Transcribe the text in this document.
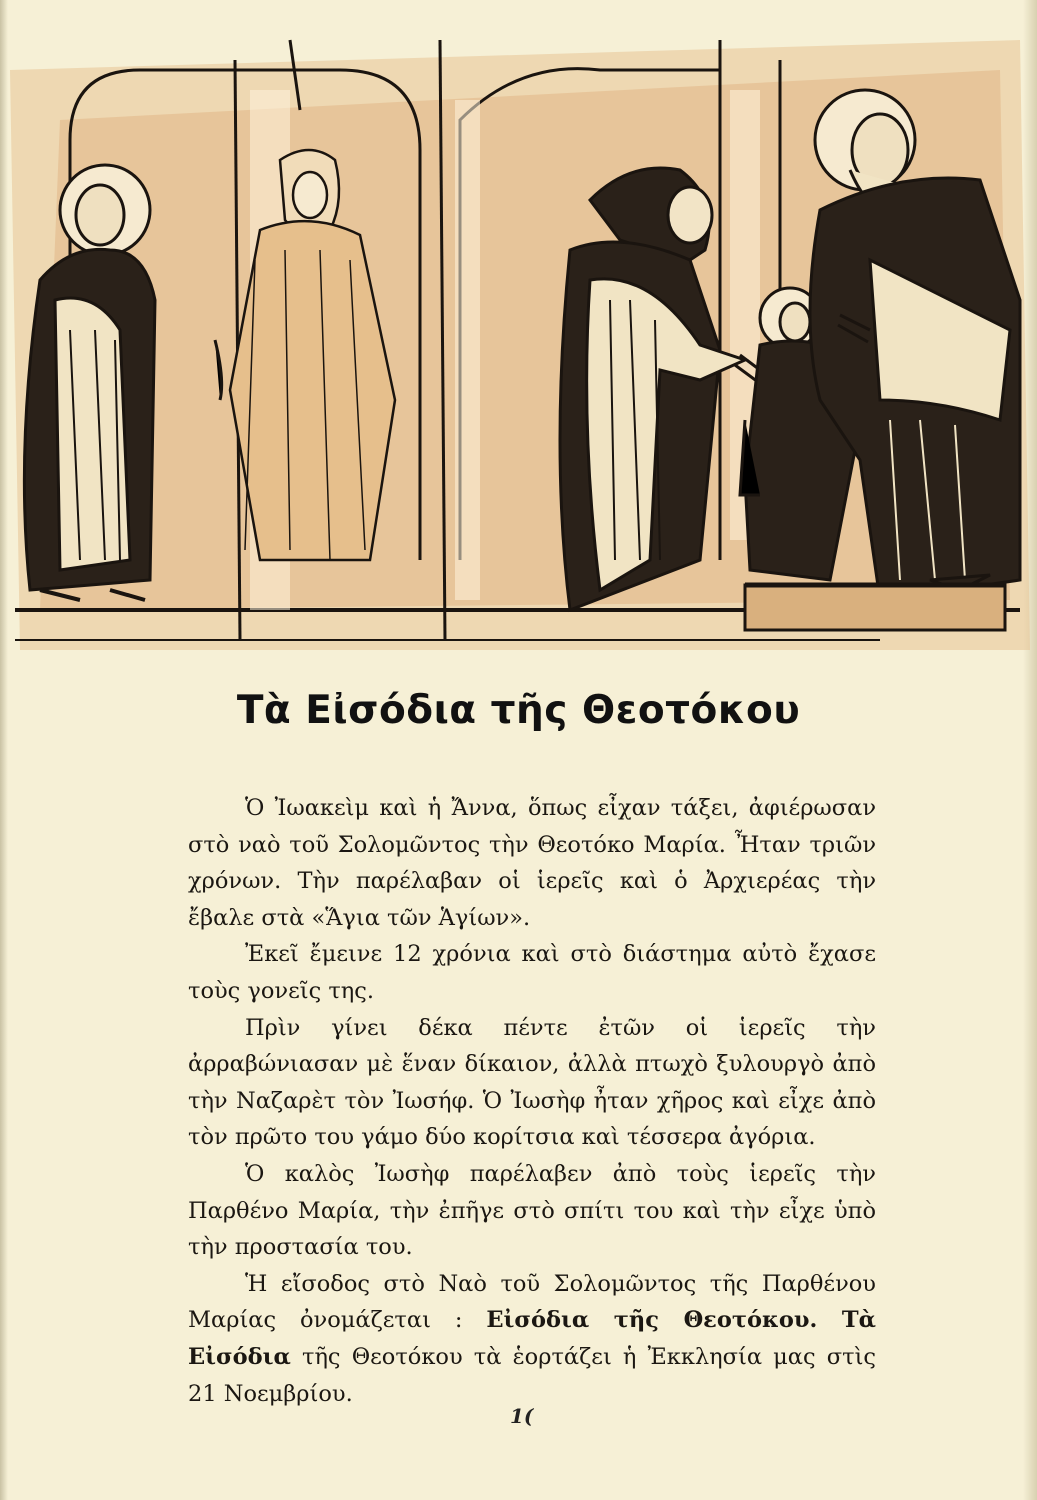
Τὰ Εἰσόδια τῆς Θεοτόκου

Ὁ Ἰωακεὶμ καὶ ἡ Ἄννα, ὅπως εἶχαν τάξει, ἀφιέρωσαν στὸ ναὸ τοῦ Σολομῶντος τὴν Θεοτόκο Μαρία. Ἦταν τριῶν χρόνων. Τὴν παρέλαβαν οἱ ἱερεῖς καὶ ὁ Ἀρχιερέας τὴν ἔβαλε στὰ «Ἅγια τῶν Ἁγίων».

Ἐκεῖ ἔμεινε 12 χρόνια καὶ στὸ διάστημα αὐτὸ ἔχασε τοὺς γονεῖς της.

Πρὶν γίνει δέκα πέντε ἐτῶν οἱ ἱερεῖς τὴν ἀρραβώνιασαν μὲ ἕναν δίκαιον, ἀλλὰ πτωχὸ ξυλουργὸ ἀπὸ τὴν Ναζαρὲτ τὸν Ἰωσήφ. Ὁ Ἰωσὴφ ἦταν χῆρος καὶ εἶχε ἀπὸ τὸν πρῶτο του γάμο δύο κορίτσια καὶ τέσσερα ἀγόρια.

Ὁ καλὸς Ἰωσὴφ παρέλαβεν ἀπὸ τοὺς ἱερεῖς τὴν Παρθένο Μαρία, τὴν ἐπῆγε στὸ σπίτι του καὶ τὴν εἶχε ὑπὸ τὴν προστασία του.

Ἡ εἴσοδος στὸ Ναὸ τοῦ Σολομῶντος τῆς Παρθένου Μαρίας ὀνομάζεται : Εἰσόδια τῆς Θεοτόκου. Τὰ Εἰσόδια τῆς Θεοτόκου τὰ ἑορτάζει ἡ Ἐκκλησία μας στὶς 21 Νοεμβρίου.

1(
